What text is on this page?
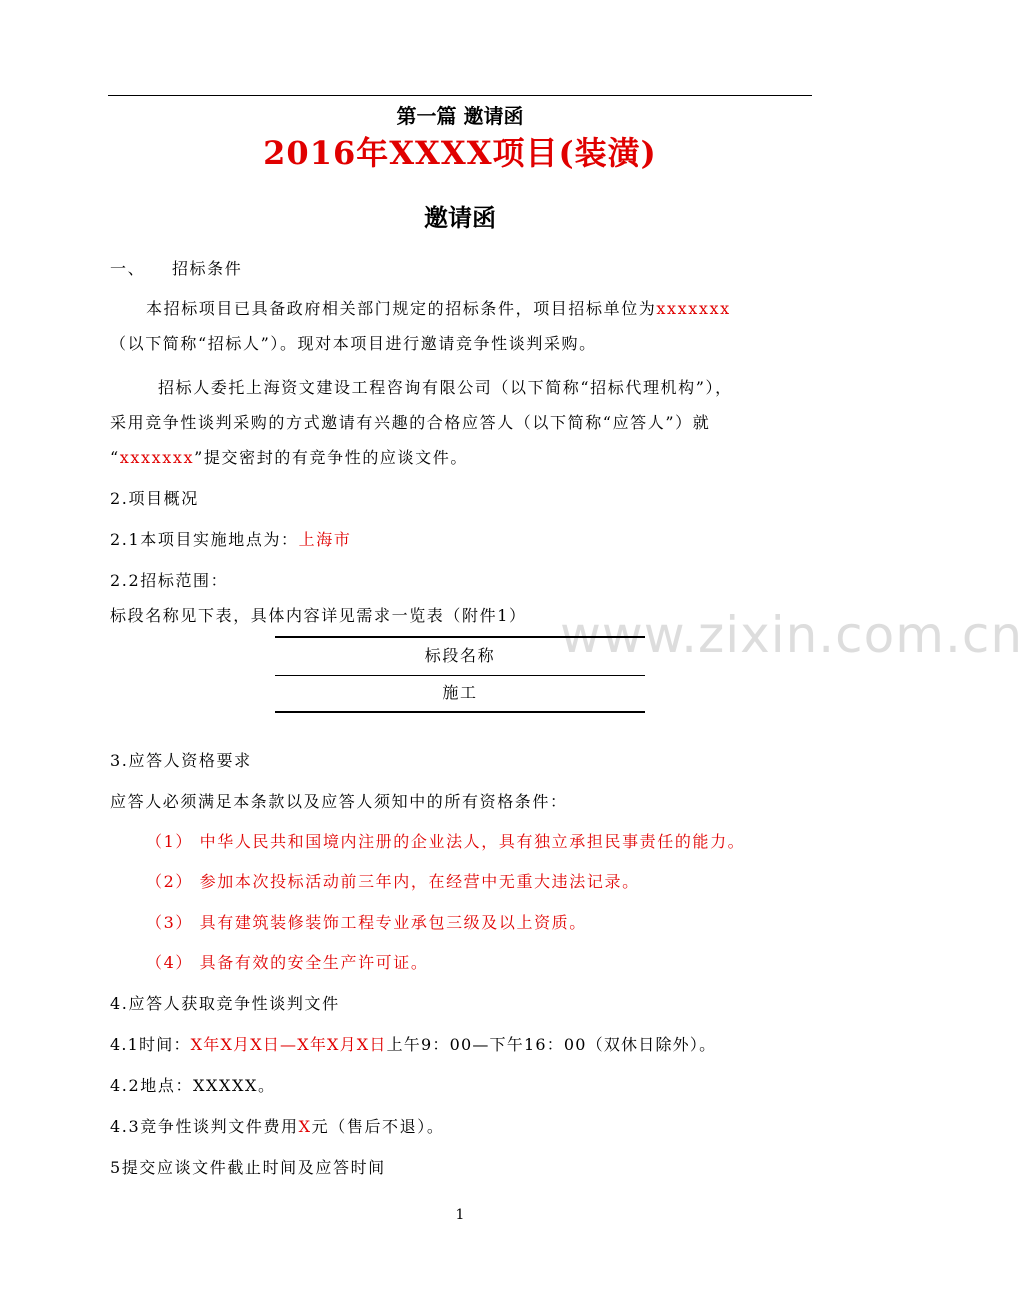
第一篇 邀请函
2016年XXXX项目(装潢)
邀请函
一、    招标条件
本招标项目已具备政府相关部门规定的招标条件，项目招标单位为xxxxxxx
（以下简称“招标人”）。现对本项目进行邀请竞争性谈判采购。
招标人委托上海资文建设工程咨询有限公司（以下简称“招标代理机构”），
采用竞争性谈判采购的方式邀请有兴趣的合格应答人（以下简称“应答人”）就
“xxxxxxx”提交密封的有竞争性的应谈文件。
2.项目概况
2.1本项目实施地点为：上海市
2.2招标范围：
标段名称见下表，具体内容详见需求一览表（附件1） www.zixin.com.cn
标段名称
施工
3.应答人资格要求
应答人必须满足本条款以及应答人须知中的所有资格条件：
（1） 中华人民共和国境内注册的企业法人，具有独立承担民事责任的能力。
（2） 参加本次投标活动前三年内，在经营中无重大违法记录。
（3） 具有建筑装修装饰工程专业承包三级及以上资质。
（4） 具备有效的安全生产许可证。
4.应答人获取竞争性谈判文件
4.1时间：X年X月X日—X年X月X日上午9：00—下午16：00（双休日除外）。
4.2地点：XXXXX。
4.3竞争性谈判文件费用X元（售后不退）。
5提交应谈文件截止时间及应答时间
1
